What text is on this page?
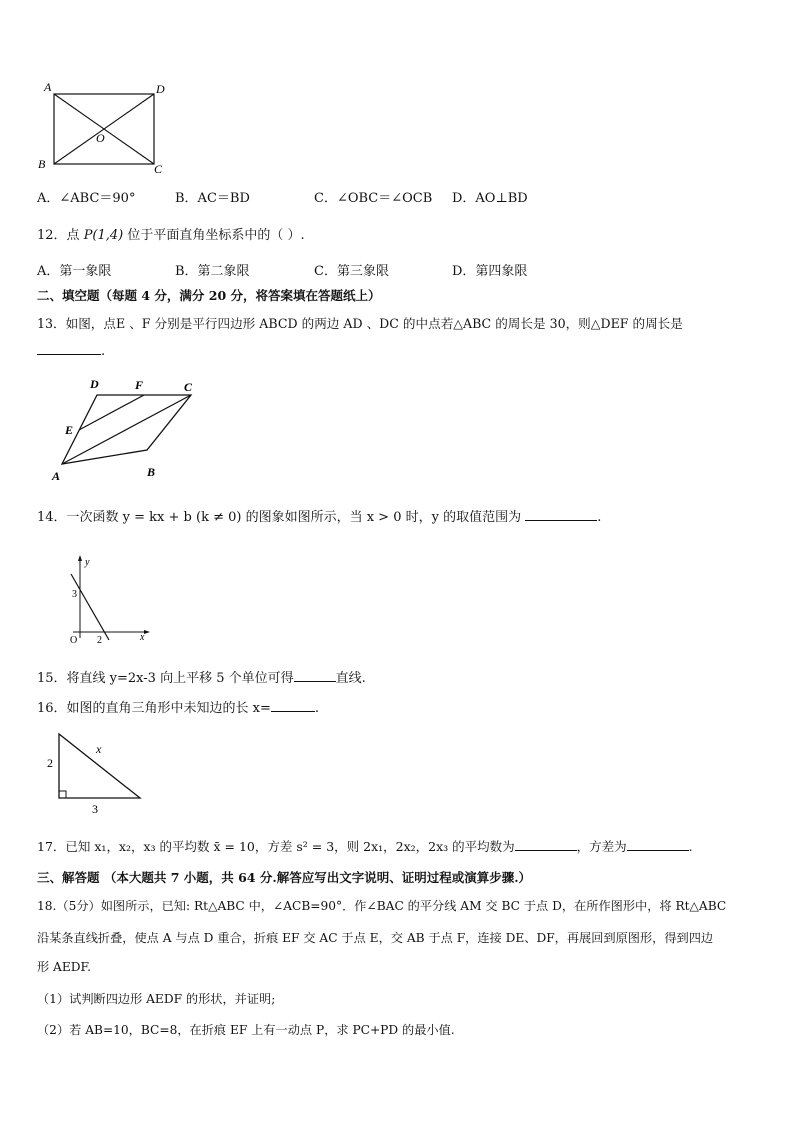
A	D
O
B	C
A．∠ABC＝90°	B．AC＝BD	C．∠OBC＝∠OCB D．AO⊥BD
12．点 P(1,4) 位于平面直角坐标系中的（ ）.
A．第一象限	B．第二象限	C．第三象限	D．第四象限
二、填空题（每题 4 分，满分 20 分，将答案填在答题纸上）
13．如图，点E 、F 分别是平行四边形 ABCD 的两边 AD 、DC 的中点若△ABC 的周长是 30，则△DEF 的周长是
.
D	F	C
E
A	B
14．一次函数 y = kx + b (k ≠ 0) 的图象如图所示，当 x > 0 时，y 的取值范围为	.
y
x
3
O 2
15．将直线 y=2x-3 向上平移 5 个单位可得	直线.
16．如图的直角三角形中未知边的长 x=	.
x
2
3
17．已知 x₁，x₂，x₃ 的平均数 x̄ = 10，方差 s² = 3，则 2x₁，2x₂，2x₃ 的平均数为	，方差为	.
三、解答题 （本大题共 7 小题，共 64 分.解答应写出文字说明、证明过程或演算步骤.）
18.（5分）如图所示，已知: Rt△ABC 中，∠ACB=90°．作∠BAC 的平分线 AM 交 BC 于点 D，在所作图形中，将 Rt△ABC
沿某条直线折叠，使点 A 与点 D 重合，折痕 EF 交 AC 于点 E，交 AB 于点 F，连接 DE、DF，再展回到原图形，得到四边
形 AEDF.
（1）试判断四边形 AEDF 的形状，并证明;
（2）若 AB=10，BC=8，在折痕 EF 上有一动点 P，求 PC+PD 的最小值.
